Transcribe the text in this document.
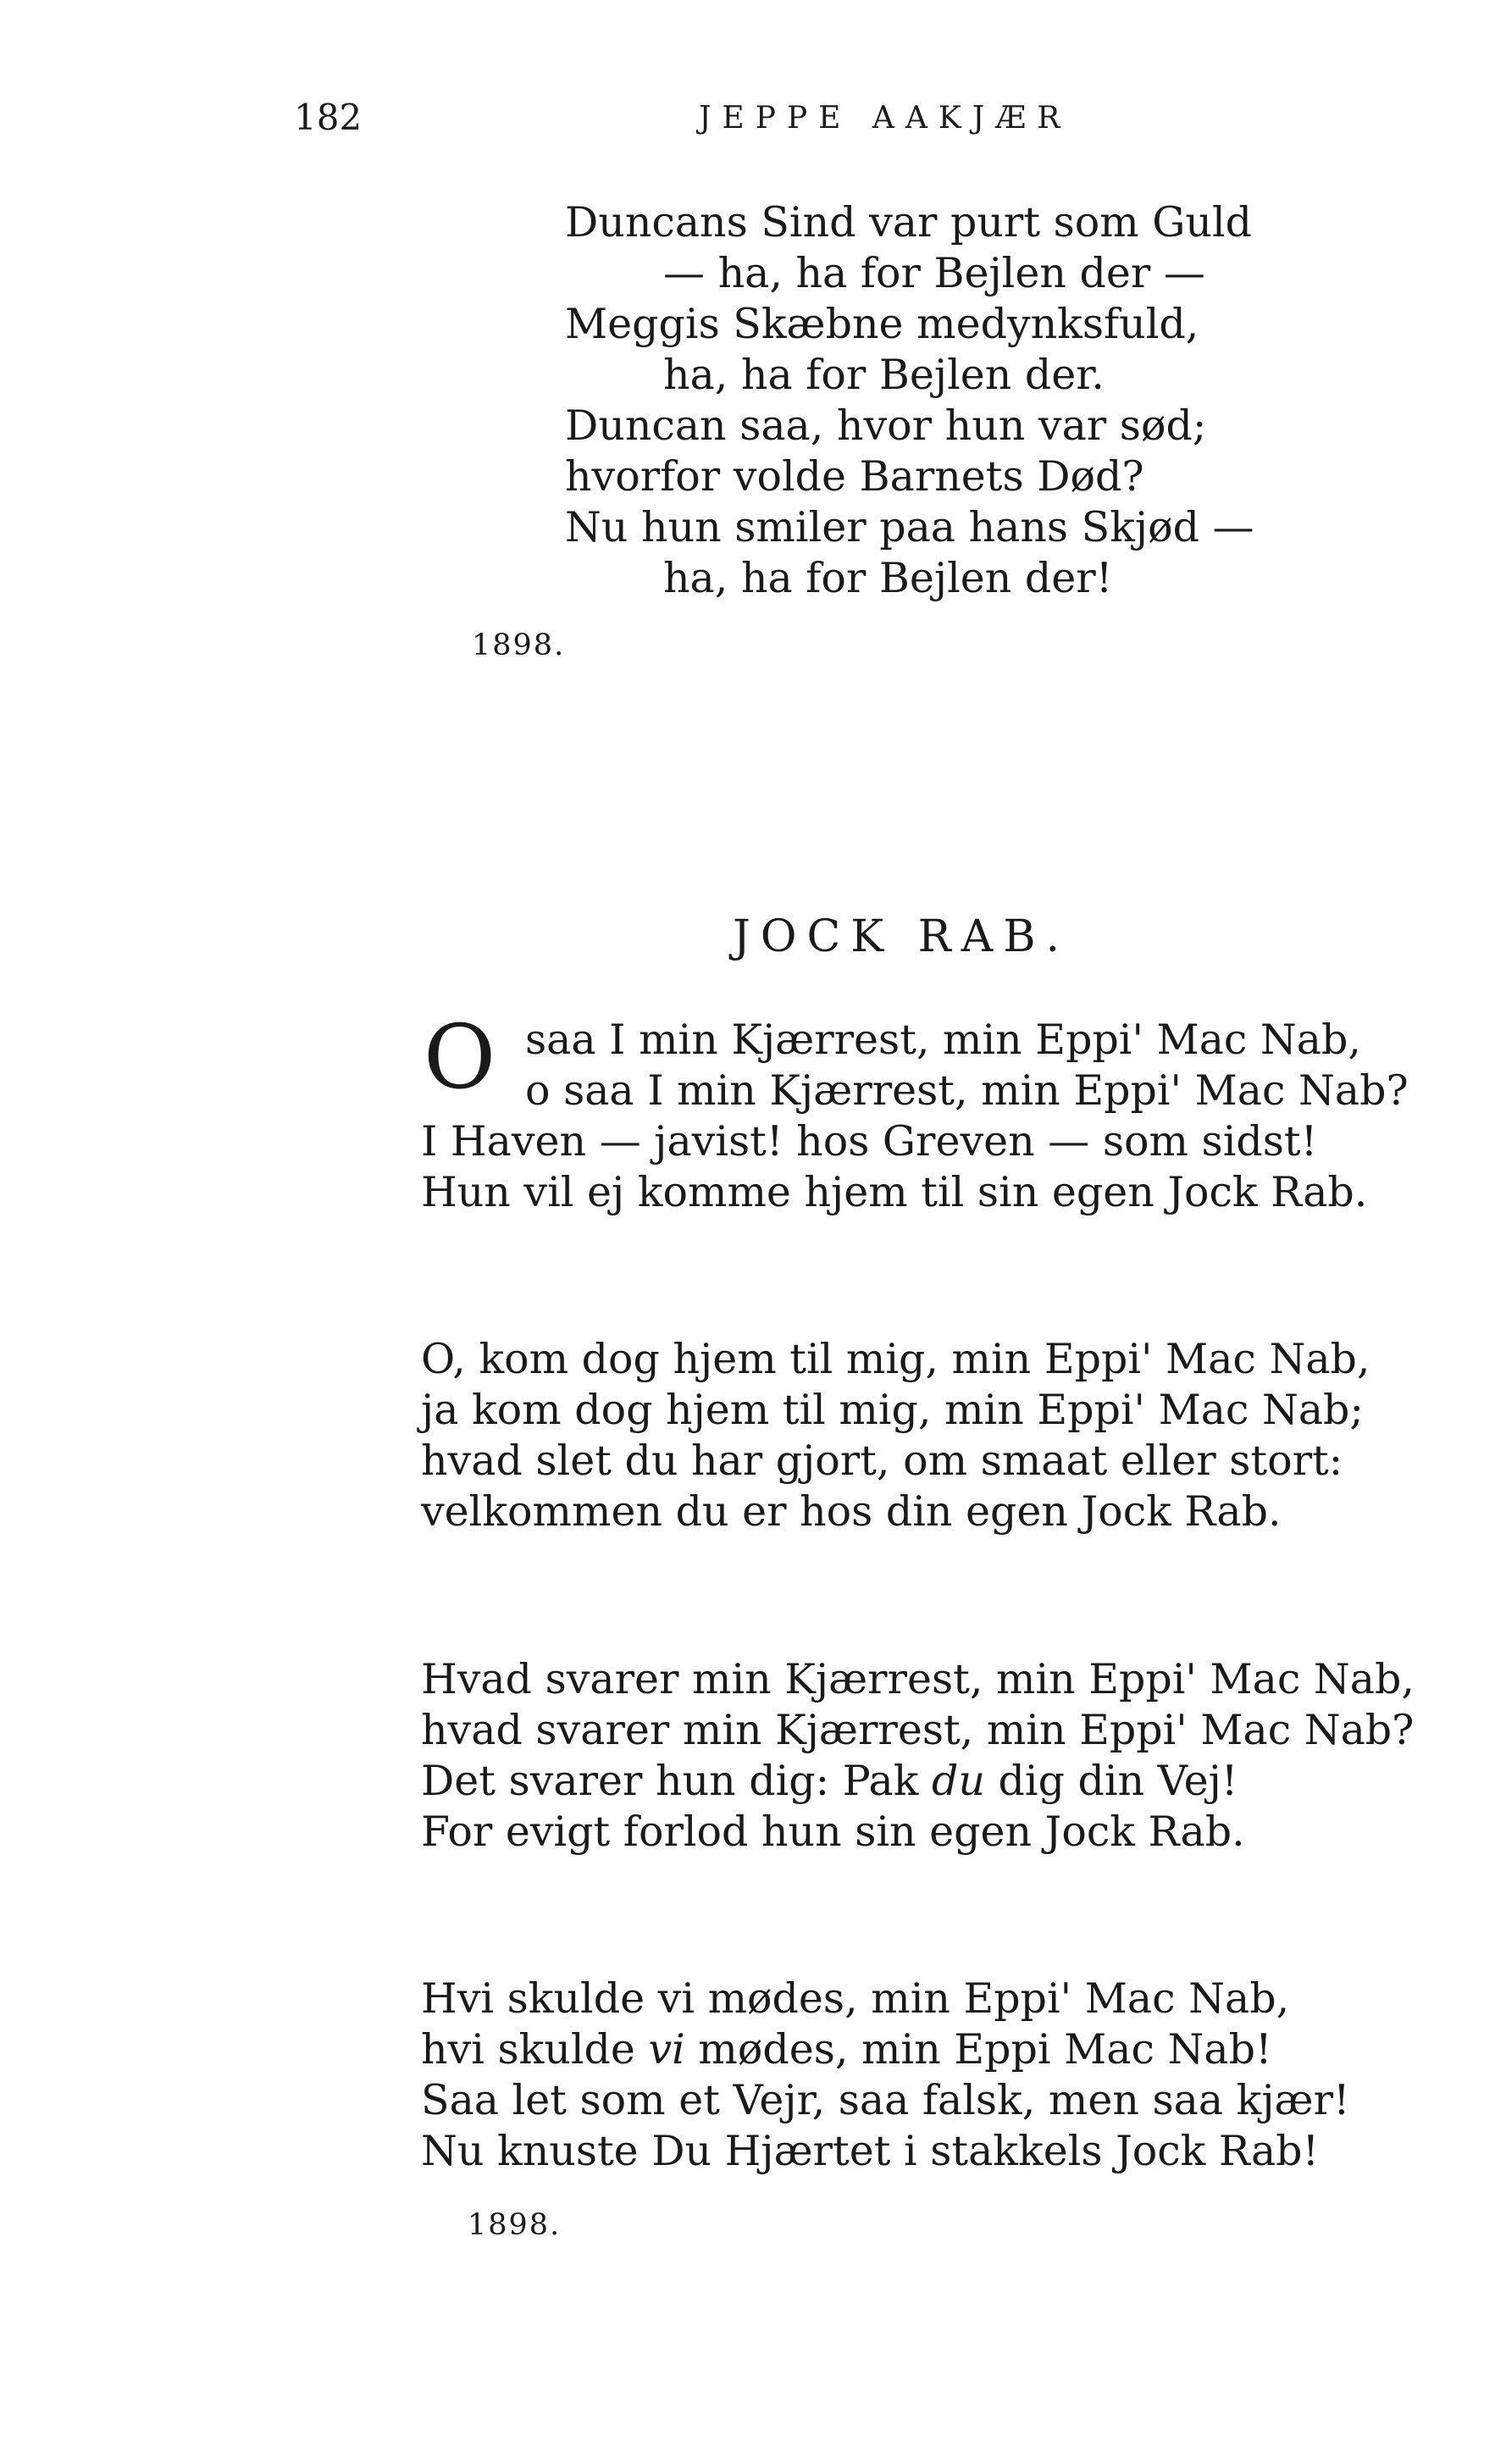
182	JEPPE AAKJÆR
Duncans Sind var purt som Guld
— ha, ha for Bejlen der —
Meggis Skæbne medynksfuld,
ha, ha for Bejlen der.
Duncan saa, hvor hun var sød;
hvorfor volde Barnets Død?
Nu hun smiler paa hans Skjød —
ha, ha for Bejlen der!
1898.
JOCK RAB.
O saa I min Kjærrest, min Eppi' Mac Nab,
o saa I min Kjærrest, min Eppi' Mac Nab?
I Haven — javist! hos Greven — som sidst!
Hun vil ej komme hjem til sin egen Jock Rab.
O, kom dog hjem til mig, min Eppi' Mac Nab,
ja kom dog hjem til mig, min Eppi' Mac Nab;
hvad slet du har gjort, om smaat eller stort:
velkommen du er hos din egen Jock Rab.
Hvad svarer min Kjærrest, min Eppi' Mac Nab,
hvad svarer min Kjærrest, min Eppi' Mac Nab?
Det svarer hun dig: Pak du dig din Vej!
For evigt forlod hun sin egen Jock Rab.
Hvi skulde vi mødes, min Eppi' Mac Nab,
hvi skulde vi mødes, min Eppi Mac Nab!
Saa let som et Vejr, saa falsk, men saa kjær!
Nu knuste Du Hjærtet i stakkels Jock Rab!
1898.
